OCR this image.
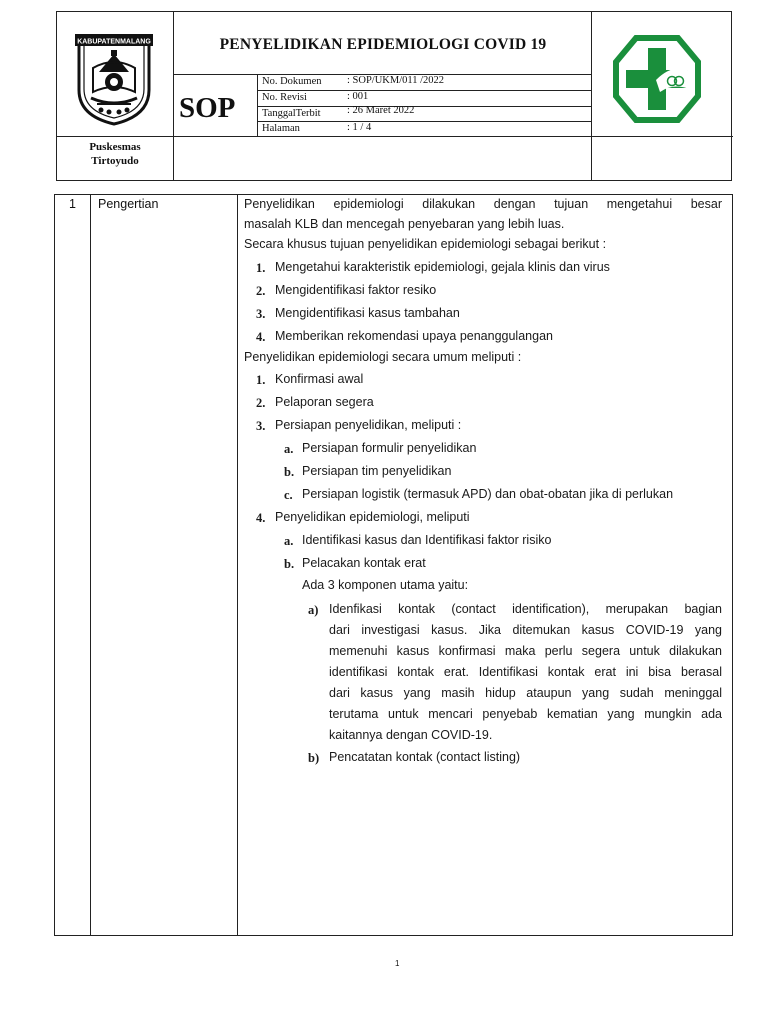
KABUPATENMALANG	PENYELIDIKAN EPIDEMIOLOGI COVID 19
SOP
No. Dokumen : SOP/UKM/011 /2022
No. Revisi	: 001
TanggalTerbit	: 26 Maret 2022
Halaman	: 1 / 4
Puskesmas
Tirtoyudo
1 Pengertian	Penyelidikan epidemiologi dilakukan dengan tujuan mengetahui besar
masalah KLB dan mencegah penyebaran yang lebih luas.
Secara khusus tujuan penyelidikan epidemiologi sebagai berikut :
1. Mengetahui karakteristik epidemiologi, gejala klinis dan virus
2. Mengidentifikasi faktor resiko
3. Mengidentifikasi kasus tambahan
4. Memberikan rekomendasi upaya penanggulangan
Penyelidikan epidemiologi secara umum meliputi :
1. Konfirmasi awal
2. Pelaporan segera
3. Persiapan penyelidikan, meliputi :
a. Persiapan formulir penyelidikan
b. Persiapan tim penyelidikan
c. Persiapan logistik (termasuk APD) dan obat-obatan jika di perlukan
4. Penyelidikan epidemiologi, meliputi
a. Identifikasi kasus dan Identifikasi faktor risiko
b. Pelacakan kontak erat
Ada 3 komponen utama yaitu:
a) Idenfikasi kontak (contact identification), merupakan bagian
dari investigasi kasus. Jika ditemukan kasus COVID-19 yang
memenuhi kasus konfirmasi maka perlu segera untuk dilakukan
identifikasi kontak erat. Identifikasi kontak erat ini bisa berasal
dari kasus yang masih hidup ataupun yang sudah meninggal
terutama untuk mencari penyebab kematian yang mungkin ada
kaitannya dengan COVID-19.
b) Pencatatan kontak (contact listing)
1
